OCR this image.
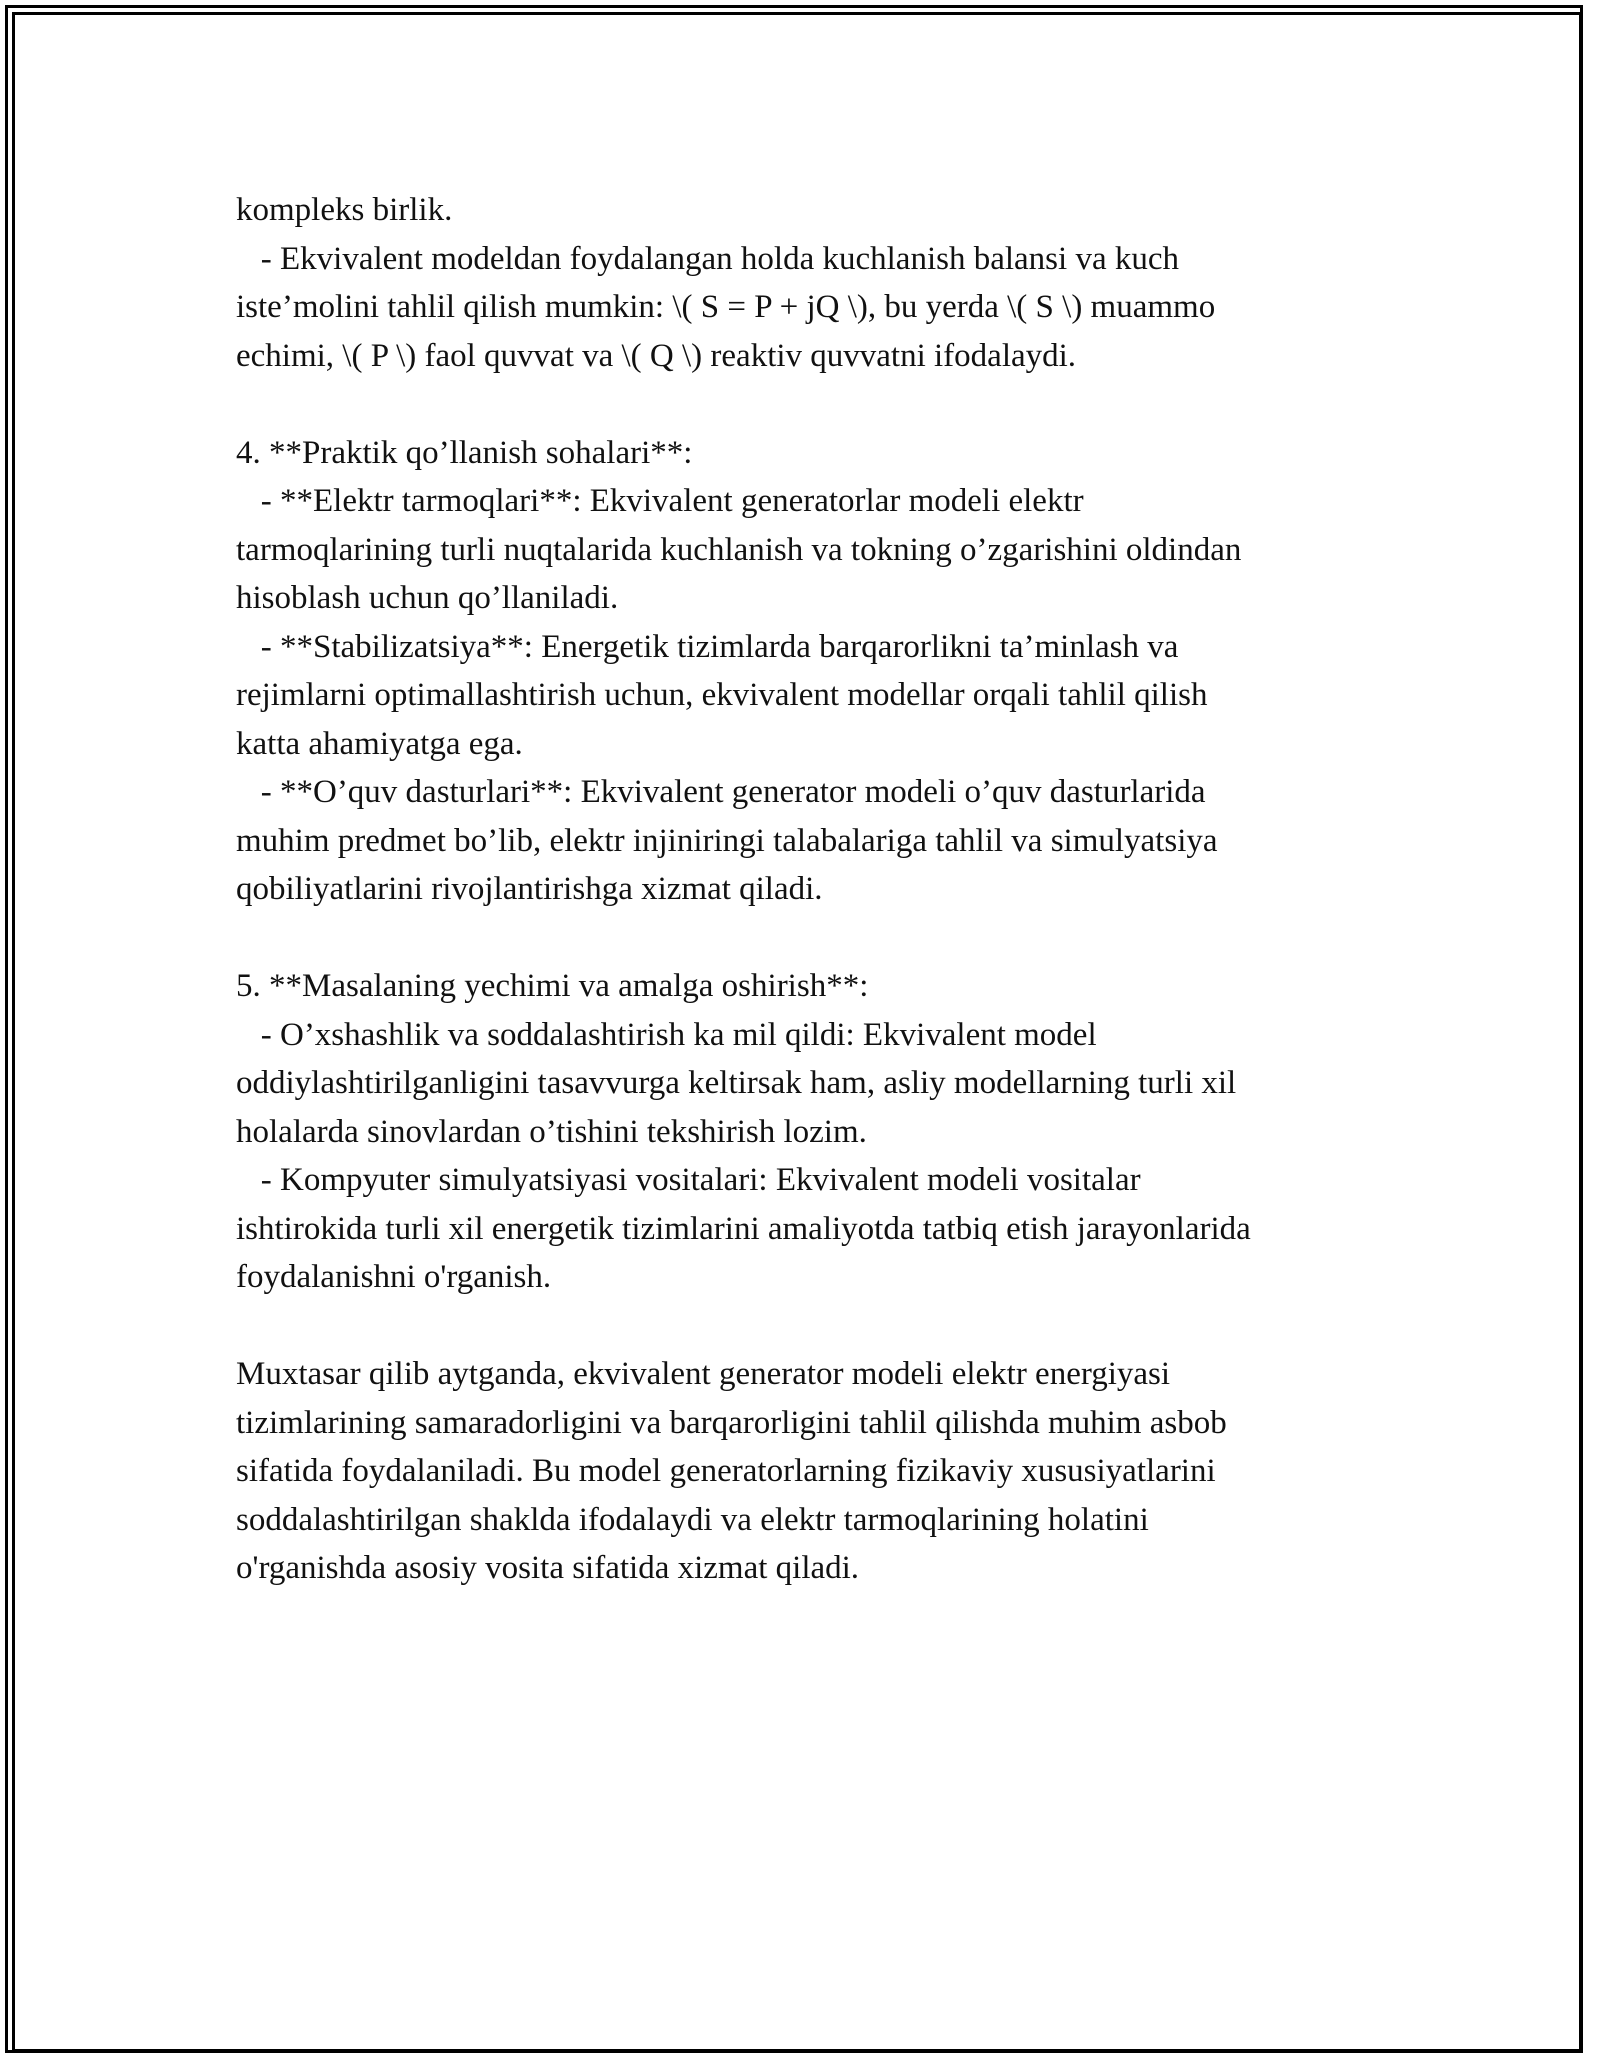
kompleks birlik.
- Ekvivalent modeldan foydalangan holda kuchlanish balansi va kuch
iste’molini tahlil qilish mumkin: \( S = P + jQ \), bu yerda \( S \) muammo
echimi, \( P \) faol quvvat va \( Q \) reaktiv quvvatni ifodalaydi.
4. **Praktik qo’llanish sohalari**:
- **Elektr tarmoqlari**: Ekvivalent generatorlar modeli elektr
tarmoqlarining turli nuqtalarida kuchlanish va tokning o’zgarishini oldindan
hisoblash uchun qo’llaniladi.
- **Stabilizatsiya**: Energetik tizimlarda barqarorlikni ta’minlash va
rejimlarni optimallashtirish uchun, ekvivalent modellar orqali tahlil qilish
katta ahamiyatga ega.
- **O’quv dasturlari**: Ekvivalent generator modeli o’quv dasturlarida
muhim predmet bo’lib, elektr injiniringi talabalariga tahlil va simulyatsiya
qobiliyatlarini rivojlantirishga xizmat qiladi.
5. **Masalaning yechimi va amalga oshirish**:
- O’xshashlik va soddalashtirish ka mil qildi: Ekvivalent model
oddiylashtirilganligini tasavvurga keltirsak ham, asliy modellarning turli xil
holalarda sinovlardan o’tishini tekshirish lozim.
- Kompyuter simulyatsiyasi vositalari: Ekvivalent modeli vositalar
ishtirokida turli xil energetik tizimlarini amaliyotda tatbiq etish jarayonlarida
foydalanishni o'rganish.
Muxtasar qilib aytganda, ekvivalent generator modeli elektr energiyasi
tizimlarining samaradorligini va barqarorligini tahlil qilishda muhim asbob
sifatida foydalaniladi. Bu model generatorlarning fizikaviy xususiyatlarini
soddalashtirilgan shaklda ifodalaydi va elektr tarmoqlarining holatini
o'rganishda asosiy vosita sifatida xizmat qiladi.
